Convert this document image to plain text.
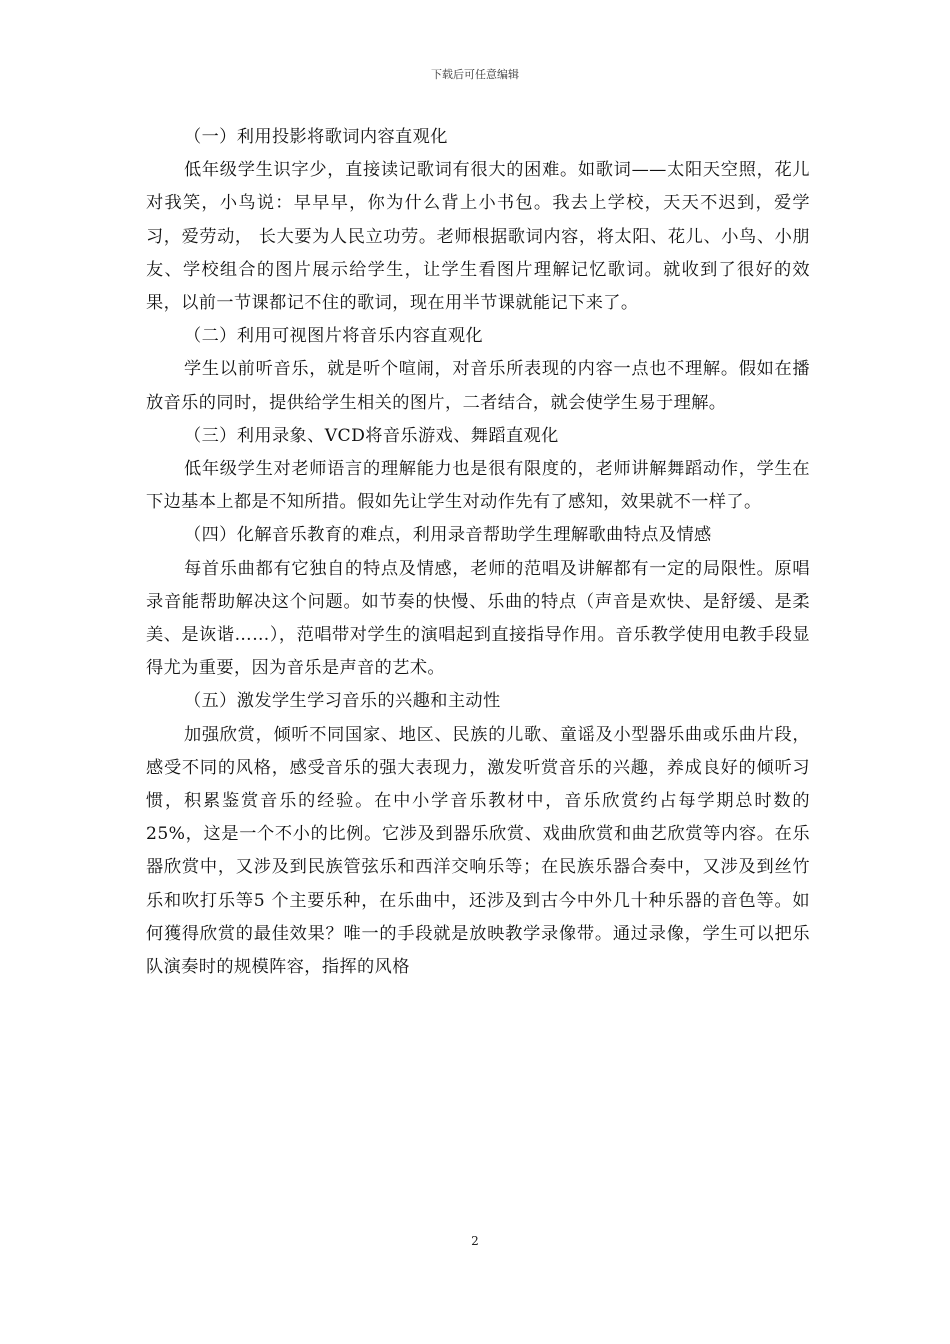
下载后可任意编辑

（一）利用投影将歌词内容直观化

低年级学生识字少，直接读记歌词有很大的困难。如歌词——太阳天空照，花儿对我笑，小鸟说：早早早，你为什么背上小书包。我去上学校，天天不迟到，爱学习，爱劳动， 长大要为人民立功劳。老师根据歌词内容，将太阳、花儿、小鸟、小朋友、学校组合的图片展示给学生，让学生看图片理解记忆歌词。就收到了很好的效果，以前一节课都记不住的歌词，现在用半节课就能记下来了。

（二）利用可视图片将音乐内容直观化

学生以前听音乐，就是听个喧闹，对音乐所表现的内容一点也不理解。假如在播放音乐的同时，提供给学生相关的图片，二者结合，就会使学生易于理解。

（三）利用录象、VCD将音乐游戏、舞蹈直观化

低年级学生对老师语言的理解能力也是很有限度的，老师讲解舞蹈动作，学生在下边基本上都是不知所措。假如先让学生对动作先有了感知，效果就不一样了。

（四）化解音乐教育的难点，利用录音帮助学生理解歌曲特点及情感

每首乐曲都有它独自的特点及情感，老师的范唱及讲解都有一定的局限性。原唱录音能帮助解决这个问题。如节奏的快慢、乐曲的特点（声音是欢快、是舒缓、是柔美、是诙谐……），范唱带对学生的演唱起到直接指导作用。音乐教学使用电教手段显得尤为重要，因为音乐是声音的艺术。

（五）激发学生学习音乐的兴趣和主动性

加强欣赏，倾听不同国家、地区、民族的儿歌、童谣及小型器乐曲或乐曲片段，感受不同的风格，感受音乐的强大表现力，激发听赏音乐的兴趣，养成良好的倾听习惯，积累鉴赏音乐的经验。在中小学音乐教材中，音乐欣赏约占每学期总时数的25%，这是一个不小的比例。它涉及到器乐欣赏、戏曲欣赏和曲艺欣赏等内容。在乐器欣赏中，又涉及到民族管弦乐和西洋交响乐等；在民族乐器合奏中，又涉及到丝竹乐和吹打乐等5 个主要乐种，在乐曲中，还涉及到古今中外几十种乐器的音色等。如何獲得欣赏的最佳效果？唯一的手段就是放映教学录像带。通过录像，学生可以把乐队演奏时的规模阵容，指挥的风格

2
